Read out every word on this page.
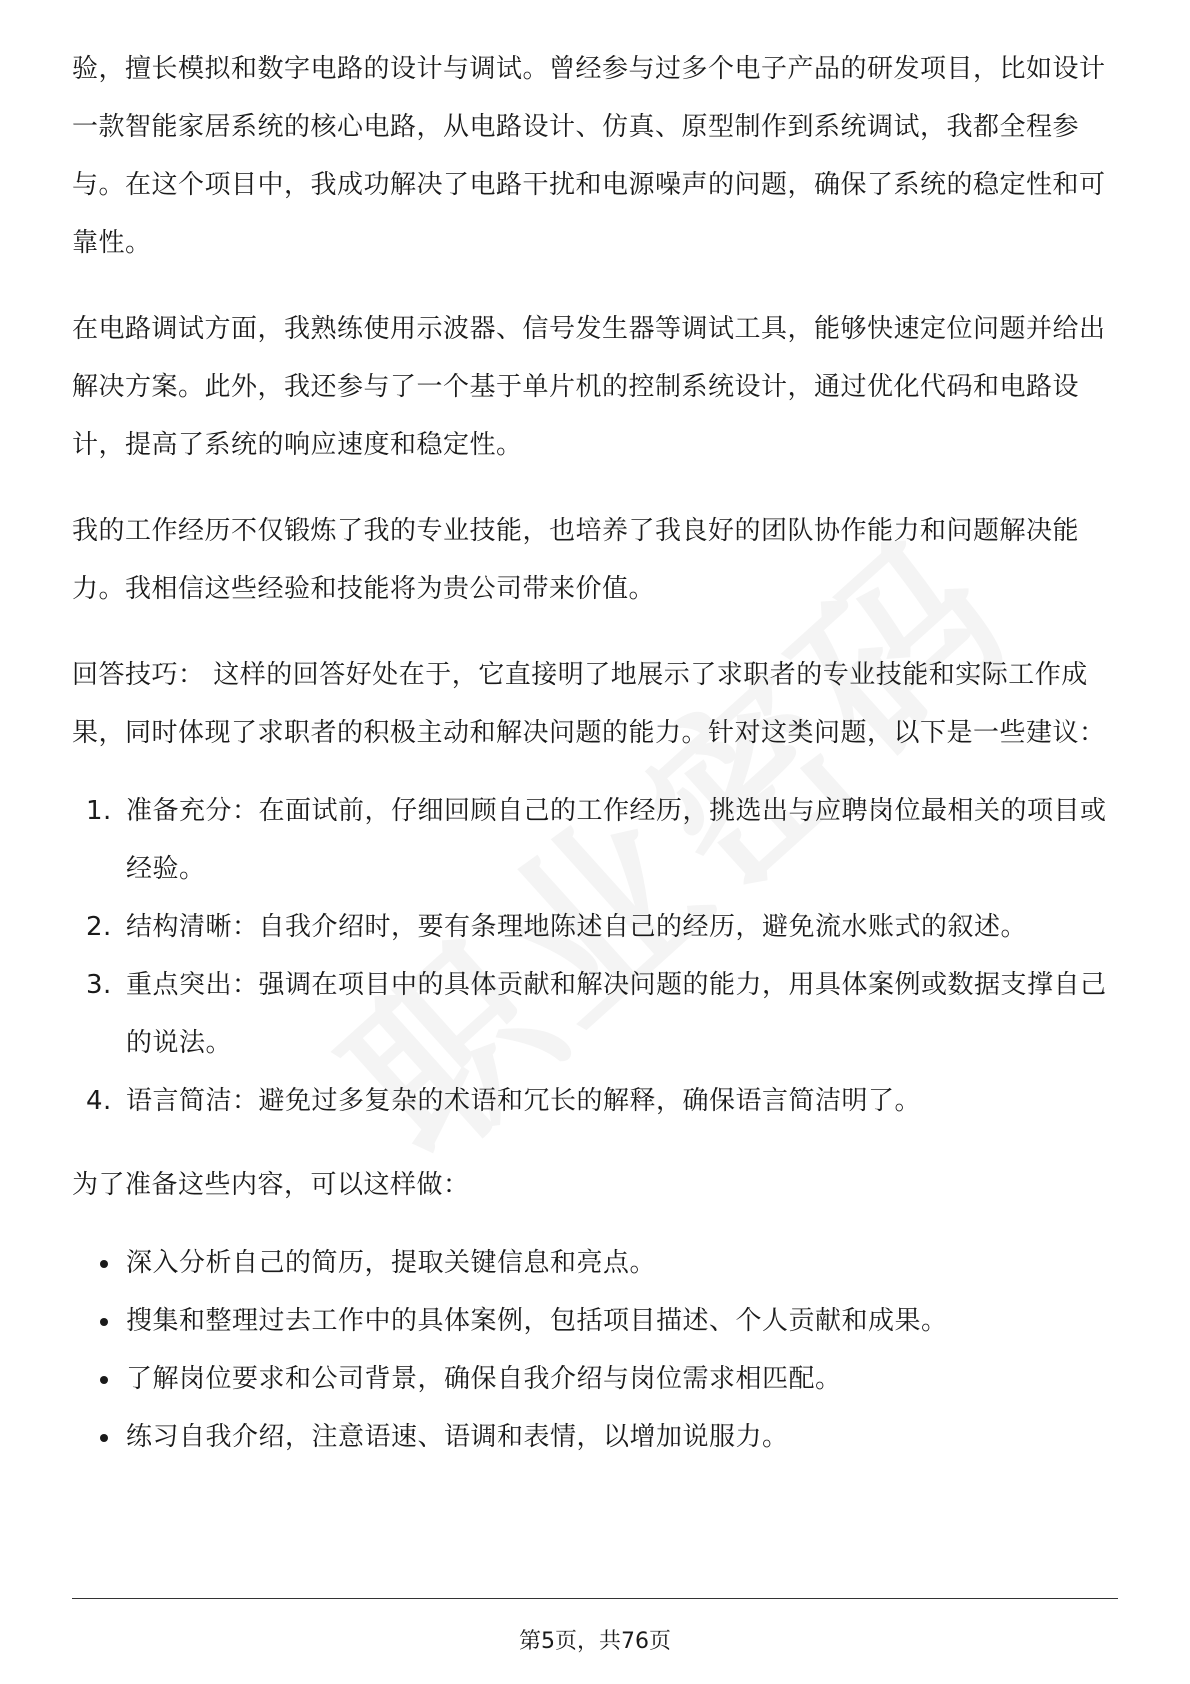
验，擅长模拟和数字电路的设计与调试。曾经参与过多个电子产品的研发项目，比如设计一款智能家居系统的核心电路，从电路设计、仿真、原型制作到系统调试，我都全程参与。在这个项目中，我成功解决了电路干扰和电源噪声的问题，确保了系统的稳定性和可靠性。

在电路调试方面，我熟练使用示波器、信号发生器等调试工具，能够快速定位问题并给出解决方案。此外，我还参与了一个基于单片机的控制系统设计，通过优化代码和电路设计，提高了系统的响应速度和稳定性。

我的工作经历不仅锻炼了我的专业技能，也培养了我良好的团队协作能力和问题解决能力。我相信这些经验和技能将为贵公司带来价值。

回答技巧： 这样的回答好处在于，它直接明了地展示了求职者的专业技能和实际工作成果，同时体现了求职者的积极主动和解决问题的能力。针对这类问题，以下是一些建议：

1. 准备充分：在面试前，仔细回顾自己的工作经历，挑选出与应聘岗位最相关的项目或经验。
2. 结构清晰：自我介绍时，要有条理地陈述自己的经历，避免流水账式的叙述。
3. 重点突出：强调在项目中的具体贡献和解决问题的能力，用具体案例或数据支撑自己的说法。
4. 语言简洁：避免过多复杂的术语和冗长的解释，确保语言简洁明了。

为了准备这些内容，可以这样做：

深入分析自己的简历，提取关键信息和亮点。
搜集和整理过去工作中的具体案例，包括项目描述、个人贡献和成果。
了解岗位要求和公司背景，确保自我介绍与岗位需求相匹配。
练习自我介绍，注意语速、语调和表情，以增加说服力。
第5页，共76页
